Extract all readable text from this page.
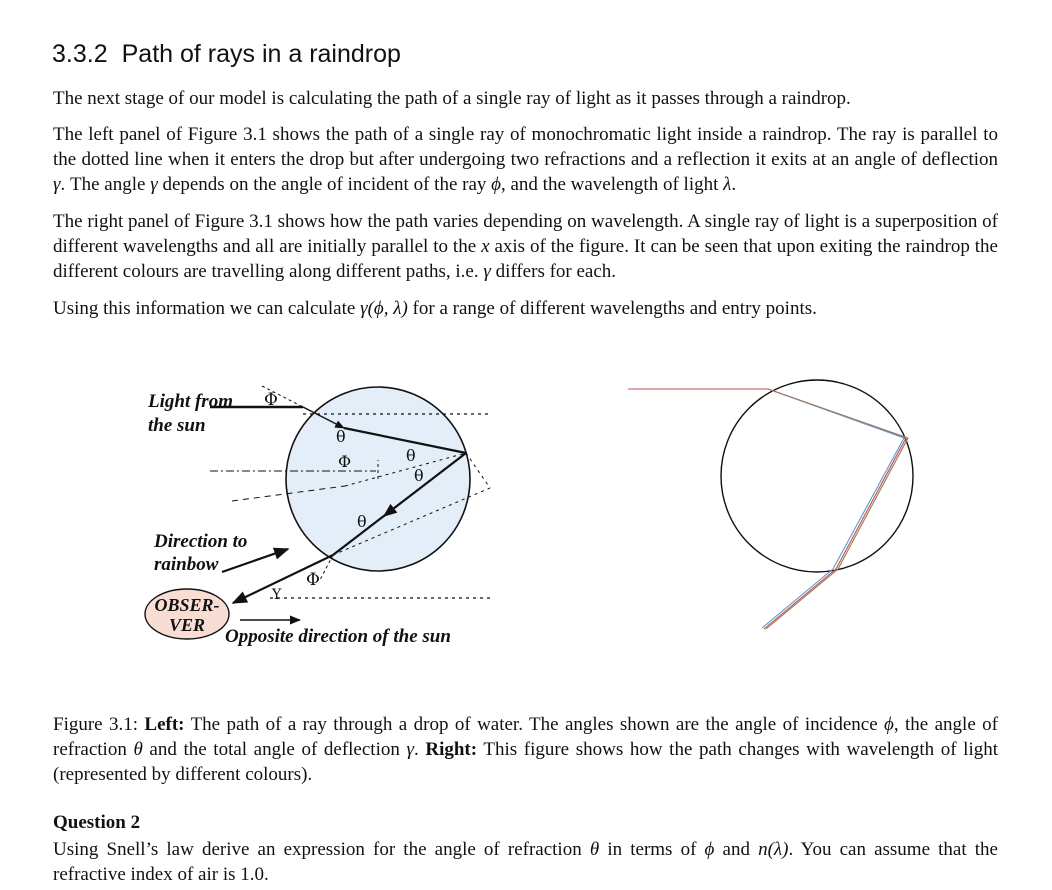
3.3.2 Path of rays in a raindrop
The next stage of our model is calculating the path of a single ray of light as it passes through a raindrop.
The left panel of Figure 3.1 shows the path of a single ray of monochromatic light inside a raindrop. The ray is parallel to the dotted line when it enters the drop but after undergoing two refractions and a reflection it exits at an angle of deflection γ. The angle γ depends on the angle of incident of the ray ϕ, and the wavelength of light λ.
The right panel of Figure 3.1 shows how the path varies depending on wavelength. A single ray of light is a superposition of different wavelengths and all are initially parallel to the x axis of the figure. It can be seen that upon exiting the raindrop the different colours are travelling along different paths, i.e. γ differs for each.
Using this information we can calculate γ(ϕ, λ) for a range of different wavelengths and entry points.
Φ
θ
Φ	θ
θ
θ
Φ
Y
Light from
the sun
Direction to
rainbow
OBSER-
VER
Opposite direction of the sun
Figure 3.1: Left: The path of a ray through a drop of water. The angles shown are the angle of incidence ϕ, the angle of refraction θ and the total angle of deflection γ. Right: This figure shows how the path changes with wavelength of light (represented by different colours).
Question 2
Using Snell’s law derive an expression for the angle of refraction θ in terms of ϕ and n(λ). You can assume that the refractive index of air is 1.0.
